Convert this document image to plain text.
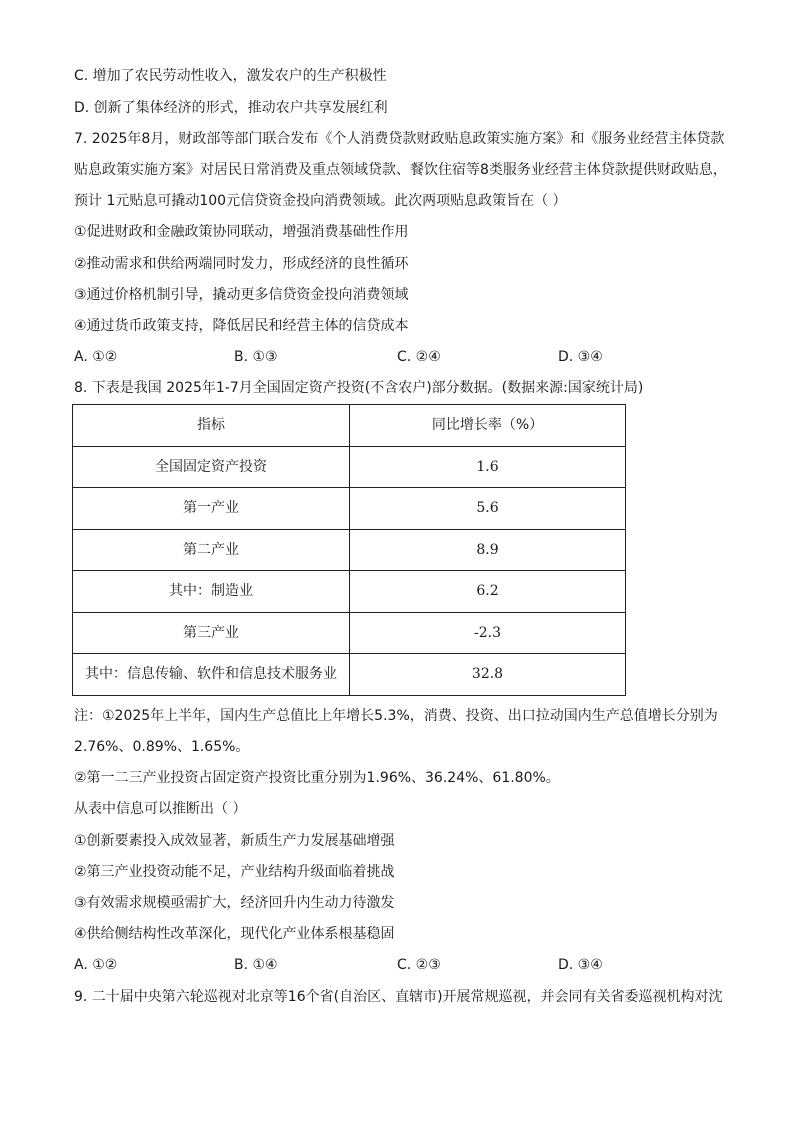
C. 增加了农民劳动性收入，激发农户的生产积极性
D. 创新了集体经济的形式，推动农户共享发展红利
7. 2025年8月，财政部等部门联合发布《个人消费贷款财政贴息政策实施方案》和《服务业经营主体贷款
贴息政策实施方案》对居民日常消费及重点领域贷款、餐饮住宿等8类服务业经营主体贷款提供财政贴息，
预计 1元贴息可撬动100元信贷资金投向消费领域。此次两项贴息政策旨在（ ）
①促进财政和金融政策协同联动，增强消费基础性作用
②推动需求和供给两端同时发力，形成经济的良性循环
③通过价格机制引导，撬动更多信贷资金投向消费领域
④通过货币政策支持，降低居民和经营主体的信贷成本
A. ①②	B. ①③	C. ②④	D. ③④
8. 下表是我国 2025年1-7月全国固定资产投资(不含农户)部分数据。(数据来源:国家统计局)
指标	同比增长率（%）
全国固定资产投资	1.6
第一产业	5.6
第二产业	8.9
其中：制造业	6.2
第三产业	-2.3
其中：信息传输、软件和信息技术服务业	32.8
注：①2025年上半年，国内生产总值比上年增长5.3%，消费、投资、出口拉动国内生产总值增长分别为
2.76%、0.89%、1.65%。
②第一二三产业投资占固定资产投资比重分别为1.96%、36.24%、61.80%。
从表中信息可以推断出（ ）
①创新要素投入成效显著，新质生产力发展基础增强
②第三产业投资动能不足，产业结构升级面临着挑战
③有效需求规模亟需扩大，经济回升内生动力待激发
④供给侧结构性改革深化，现代化产业体系根基稳固
A. ①②	B. ①④	C. ②③	D. ③④
9. 二十届中央第六轮巡视对北京等16个省(自治区、直辖市)开展常规巡视，并会同有关省委巡视机构对沈
